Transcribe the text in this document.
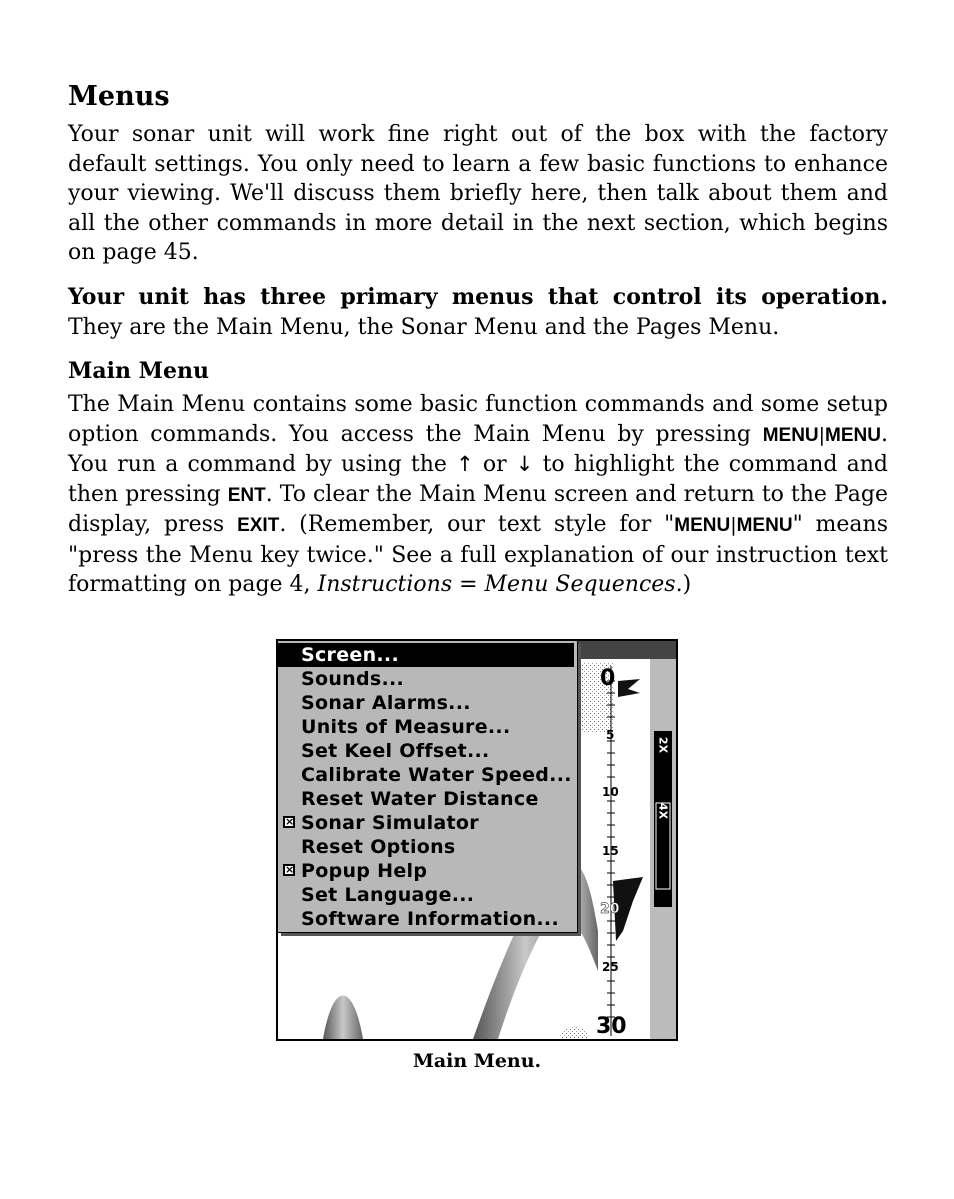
Menus

Your sonar unit will work fine right out of the box with the factory default settings. You only need to learn a few basic functions to enhance your viewing. We'll discuss them briefly here, then talk about them and all the other commands in more detail in the next section, which begins on page 45.

Your unit has three primary menus that control its operation. They are the Main Menu, the Sonar Menu and the Pages Menu.

Main Menu

The Main Menu contains some basic function commands and some setup option commands. You access the Main Menu by pressing MENU|MENU. You run a command by using the ↑ or ↓ to highlight the command and then pressing ENT. To clear the Main Menu screen and return to the Page display, press EXIT. (Remember, our text style for "MENU|MENU" means "press the Menu key twice." See a full explanation of our instruction text formatting on page 4, Instructions = Menu Sequences.)

0
5
10
15
20
25
30
2X
4X
Screen...
Sounds...
Sonar Alarms...
Units of Measure...
Set Keel Offset...
Calibrate Water Speed...
Reset Water Distance
× Sonar Simulator
Reset Options
× Popup Help
Set Language...
Software Information...
Main Menu.
